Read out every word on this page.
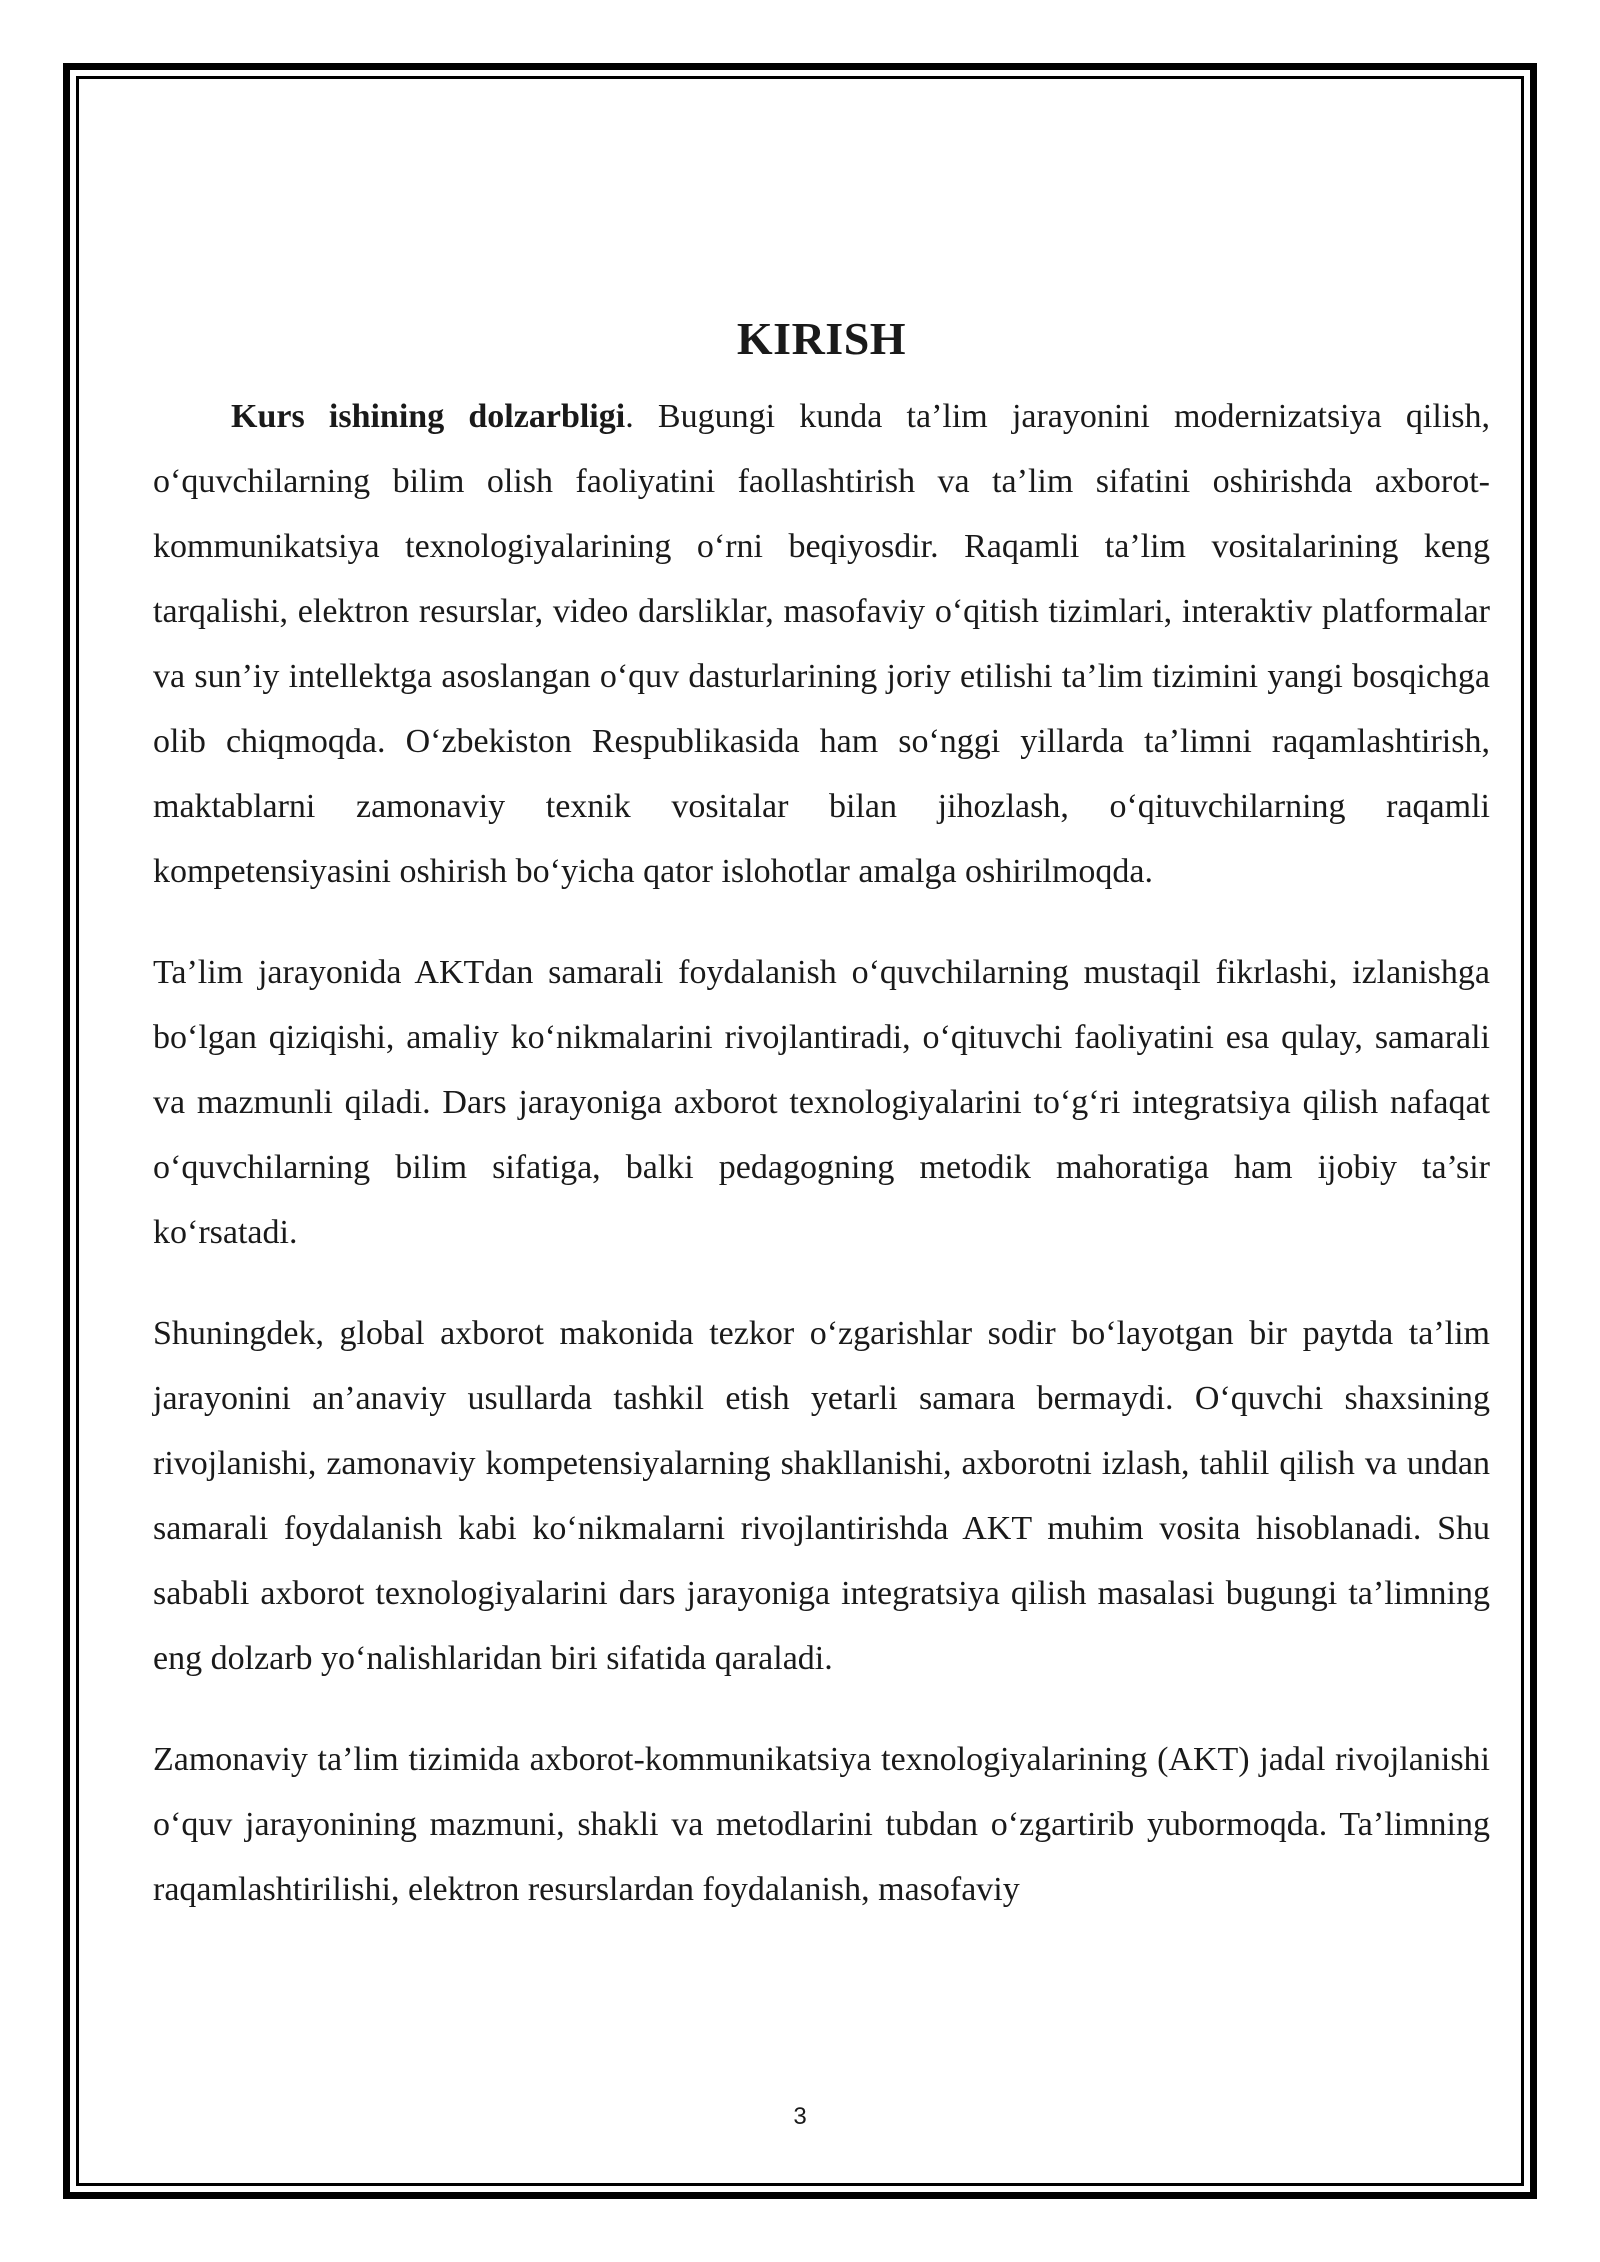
KIRISH

Kurs ishining dolzarbligi. Bugungi kunda ta’lim jarayonini modernizatsiya qilish, o‘quvchilarning bilim olish faoliyatini faollashtirish va ta’lim sifatini oshirishda axborot-kommunikatsiya texnologiyalarining o‘rni beqiyosdir. Raqamli ta’lim vositalarining keng tarqalishi, elektron resurslar, video darsliklar, masofaviy o‘qitish tizimlari, interaktiv platformalar va sun’iy intellektga asoslangan o‘quv dasturlarining joriy etilishi ta’lim tizimini yangi bosqichga olib chiqmoqda. O‘zbekiston Respublikasida ham so‘nggi yillarda ta’limni raqamlashtirish, maktablarni zamonaviy texnik vositalar bilan jihozlash, o‘qituvchilarning raqamli kompetensiyasini oshirish bo‘yicha qator islohotlar amalga oshirilmoqda.

Ta’lim jarayonida AKTdan samarali foydalanish o‘quvchilarning mustaqil fikrlashi, izlanishga bo‘lgan qiziqishi, amaliy ko‘nikmalarini rivojlantiradi, o‘qituvchi faoliyatini esa qulay, samarali va mazmunli qiladi. Dars jarayoniga axborot texnologiyalarini to‘g‘ri integratsiya qilish nafaqat o‘quvchilarning bilim sifatiga, balki pedagogning metodik mahoratiga ham ijobiy ta’sir ko‘rsatadi.

Shuningdek, global axborot makonida tezkor o‘zgarishlar sodir bo‘layotgan bir paytda ta’lim jarayonini an’anaviy usullarda tashkil etish yetarli samara bermaydi. O‘quvchi shaxsining rivojlanishi, zamonaviy kompetensiyalarning shakllanishi, axborotni izlash, tahlil qilish va undan samarali foydalanish kabi ko‘nikmalarni rivojlantirishda AKT muhim vosita hisoblanadi. Shu sababli axborot texnologiyalarini dars jarayoniga integratsiya qilish masalasi bugungi ta’limning eng dolzarb yo‘nalishlaridan biri sifatida qaraladi.

Zamonaviy ta’lim tizimida axborot-kommunikatsiya texnologiyalarining (AKT) jadal rivojlanishi o‘quv jarayonining mazmuni, shakli va metodlarini tubdan o‘zgartirib yubormoqda. Ta’limning raqamlashtirilishi, elektron resurslardan foydalanish, masofaviy

3
